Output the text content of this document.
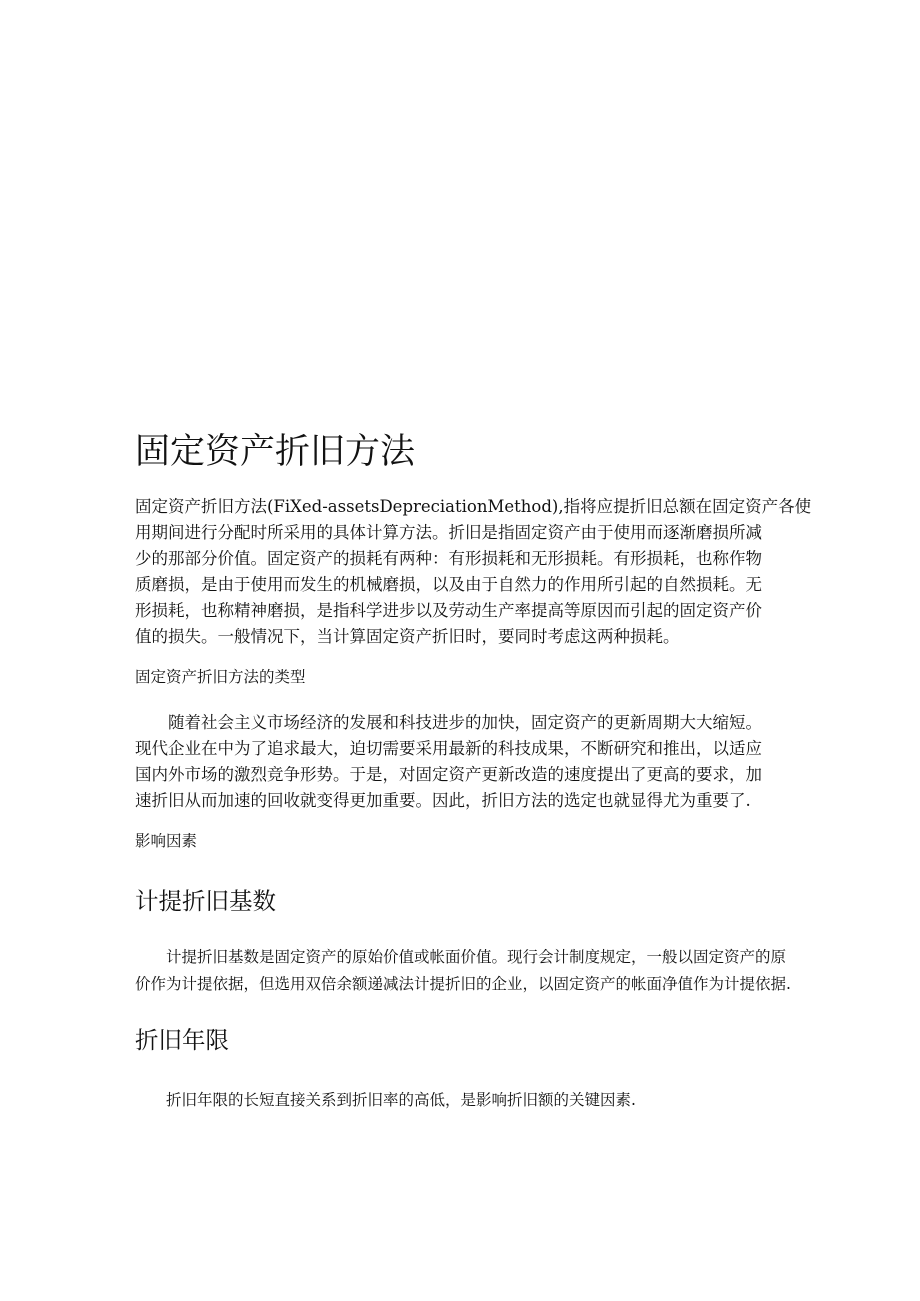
固定资产折旧方法
固定资产折旧方法(FiXed-assetsDepreciationMethod),指将应提折旧总额在固定资产各使
用期间进行分配时所采用的具体计算方法。折旧是指固定资产由于使用而逐渐磨损所减
少的那部分价值。固定资产的损耗有两种：有形损耗和无形损耗。有形损耗，也称作物
质磨损，是由于使用而发生的机械磨损，以及由于自然力的作用所引起的自然损耗。无
形损耗，也称精神磨损，是指科学进步以及劳动生产率提高等原因而引起的固定资产价
值的损失。一般情况下，当计算固定资产折旧时，要同时考虑这两种损耗。
固定资产折旧方法的类型
随着社会主义市场经济的发展和科技进步的加快，固定资产的更新周期大大缩短。
现代企业在中为了追求最大，迫切需要采用最新的科技成果，不断研究和推出，以适应
国内外市场的激烈竞争形势。于是，对固定资产更新改造的速度提出了更高的要求，加
速折旧从而加速的回收就变得更加重要。因此，折旧方法的选定也就显得尤为重要了.
影响因素
计提折旧基数
计提折旧基数是固定资产的原始价值或帐面价值。现行会计制度规定，一般以固定资产的原
价作为计提依据，但选用双倍余额递减法计提折旧的企业，以固定资产的帐面净值作为计提依据.
折旧年限
折旧年限的长短直接关系到折旧率的高低，是影响折旧额的关键因素.
